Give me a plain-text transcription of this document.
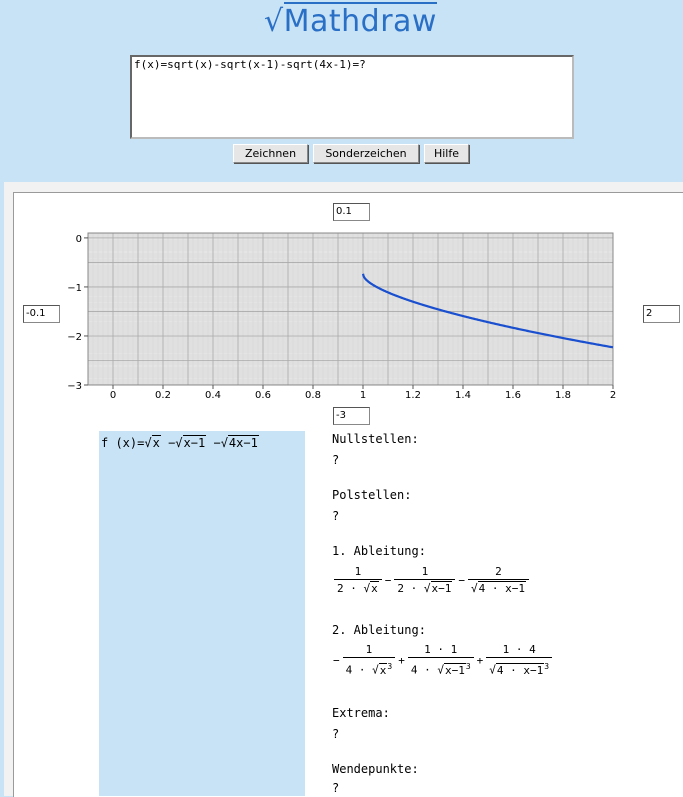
√Mathdraw
f(x)=sqrt(x)-sqrt(x-1)-sqrt(4x-1)=?
Zeichnen	Sonderzeichen	Hilfe
0.1
-0.1	2
-3
0	0.2	0.4	0.6	0.8	1	1.2	1.4	1.6	1.8	2
0
−1
−2
−3
f (x)=√x −√x−1 −√4x−1	Nullstellen:
?
Polstellen:
?
1. Ableitung:
$\frac{1}{2 \cdot √x} - \frac{1}{2 \cdot √x-1} - \frac{2}{√4 \cdot x-1}$
2. Ableitung:
− $\frac{1}{4 \cdot √x^3} + \frac{1 \cdot 1}{4 \cdot √x-1^3} + \frac{1 \cdot 4}{√4 \cdot x-1^3}$
Extrema:
?
Wendepunkte:
?
